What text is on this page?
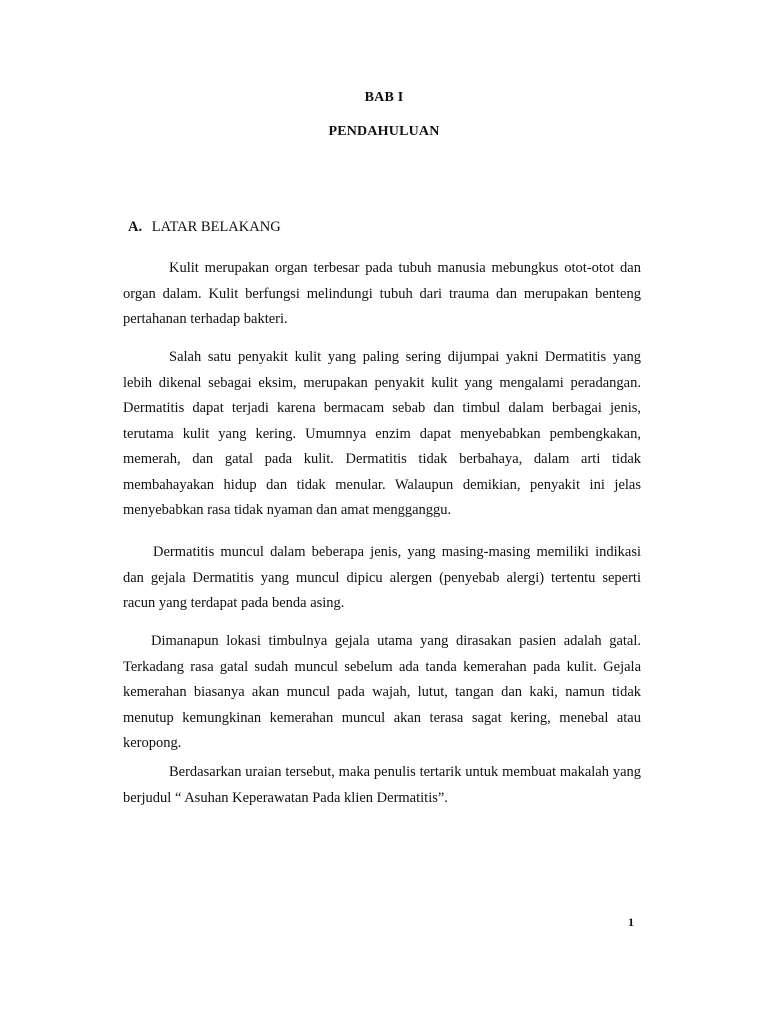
BAB I
PENDAHULUAN
A. LATAR BELAKANG

Kulit merupakan organ terbesar pada tubuh manusia mebungkus otot-otot dan organ dalam. Kulit berfungsi melindungi tubuh dari trauma dan merupakan benteng pertahanan terhadap bakteri.

Salah satu penyakit kulit yang paling sering dijumpai yakni Dermatitis yang lebih dikenal sebagai eksim, merupakan penyakit kulit yang mengalami peradangan. Dermatitis dapat terjadi karena bermacam sebab dan timbul dalam berbagai jenis, terutama kulit yang kering. Umumnya enzim dapat menyebabkan pembengkakan, memerah, dan gatal pada kulit. Dermatitis tidak berbahaya, dalam arti tidak membahayakan hidup dan tidak menular. Walaupun demikian, penyakit ini jelas menyebabkan rasa tidak nyaman dan amat mengganggu.

Dermatitis muncul dalam beberapa jenis, yang masing-masing memiliki indikasi dan gejala Dermatitis yang muncul dipicu alergen (penyebab alergi) tertentu seperti racun yang terdapat pada benda asing.

Dimanapun lokasi timbulnya gejala utama yang dirasakan pasien adalah gatal. Terkadang rasa gatal sudah muncul sebelum ada tanda kemerahan pada kulit. Gejala kemerahan biasanya akan muncul pada wajah, lutut, tangan dan kaki, namun tidak menutup kemungkinan kemerahan muncul akan terasa sagat kering, menebal atau keropong.

Berdasarkan uraian tersebut, maka penulis tertarik untuk membuat makalah yang berjudul “ Asuhan Keperawatan Pada klien Dermatitis”.

1
